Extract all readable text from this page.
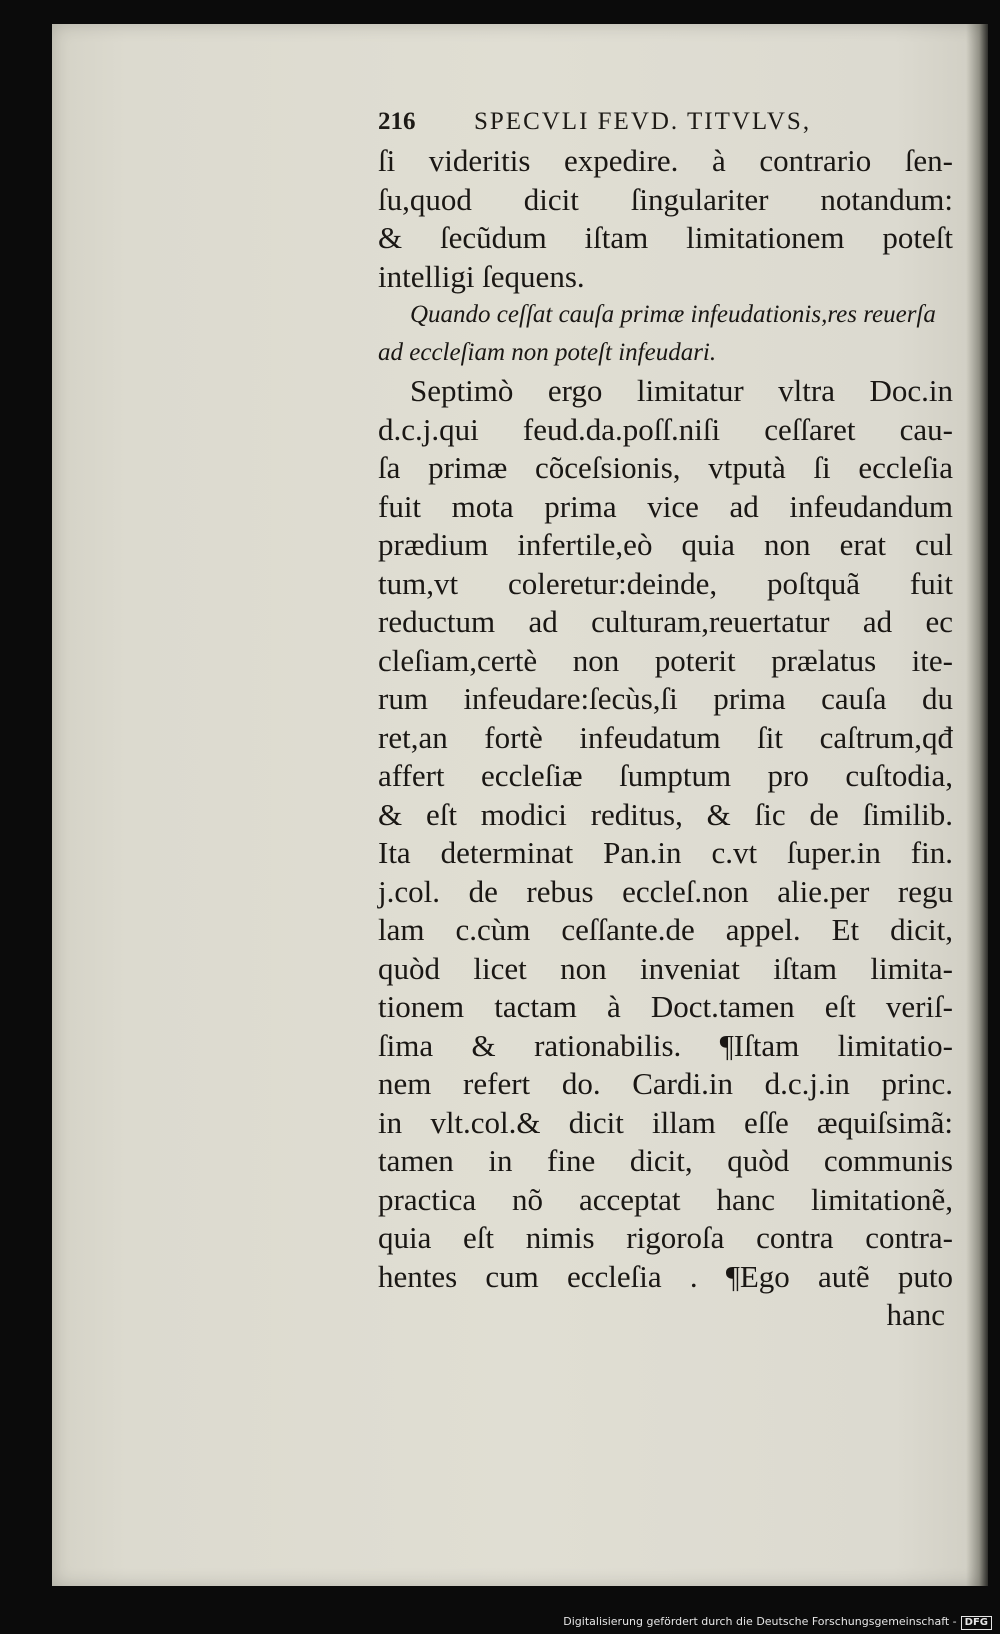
216 SPECVLI FEVD. TITVLVS,
ſi videritis expedire. à contrario ſen-
ſu,quod dicit ſingulariter notandum:
& ſecũdum iſtam limitationem poteſt
intelligi ſequens.
Quando ceſſat cauſa primæ infeudationis,res reuerſa
ad eccleſiam non poteſt infeudari.
Septimò ergo limitatur vltra Doc.in
d.c.j.qui feud.da.poſſ.niſi ceſſaret cau-
ſa primæ cõceſsionis, vtputà ſi eccleſia
fuit mota prima vice ad infeudandum
prædium infertile,eò quia non erat cul
tum,vt coleretur:deinde, poſtquã fuit
reductum ad culturam,reuertatur ad ec
cleſiam,certè non poterit prælatus ite-
rum infeudare:ſecùs,ſi prima cauſa du
ret,an fortè infeudatum ſit caſtrum,qđ
affert eccleſiæ ſumptum pro cuſtodia,
& eſt modici reditus, & ſic de ſimilib.
Ita determinat Pan.in c.vt ſuper.in fin.
j.col. de rebus eccleſ.non alie.per regu
lam c.cùm ceſſante.de appel. Et dicit,
quòd licet non inveniat iſtam limita-
tionem tactam à Doct.tamen eſt veriſ-
ſima & rationabilis. ¶Iſtam limitatio-
nem refert do. Cardi.in d.c.j.in princ.
in vlt.col.& dicit illam eſſe æquiſsimã:
tamen in fine dicit, quòd communis
practica nõ acceptat hanc limitationẽ,
quia eſt nimis rigoroſa contra contra-
hentes cum eccleſia . ¶Ego autẽ puto
hanc
Digitalisierung gefördert durch die Deutsche Forschungsgemeinschaft - DFG
